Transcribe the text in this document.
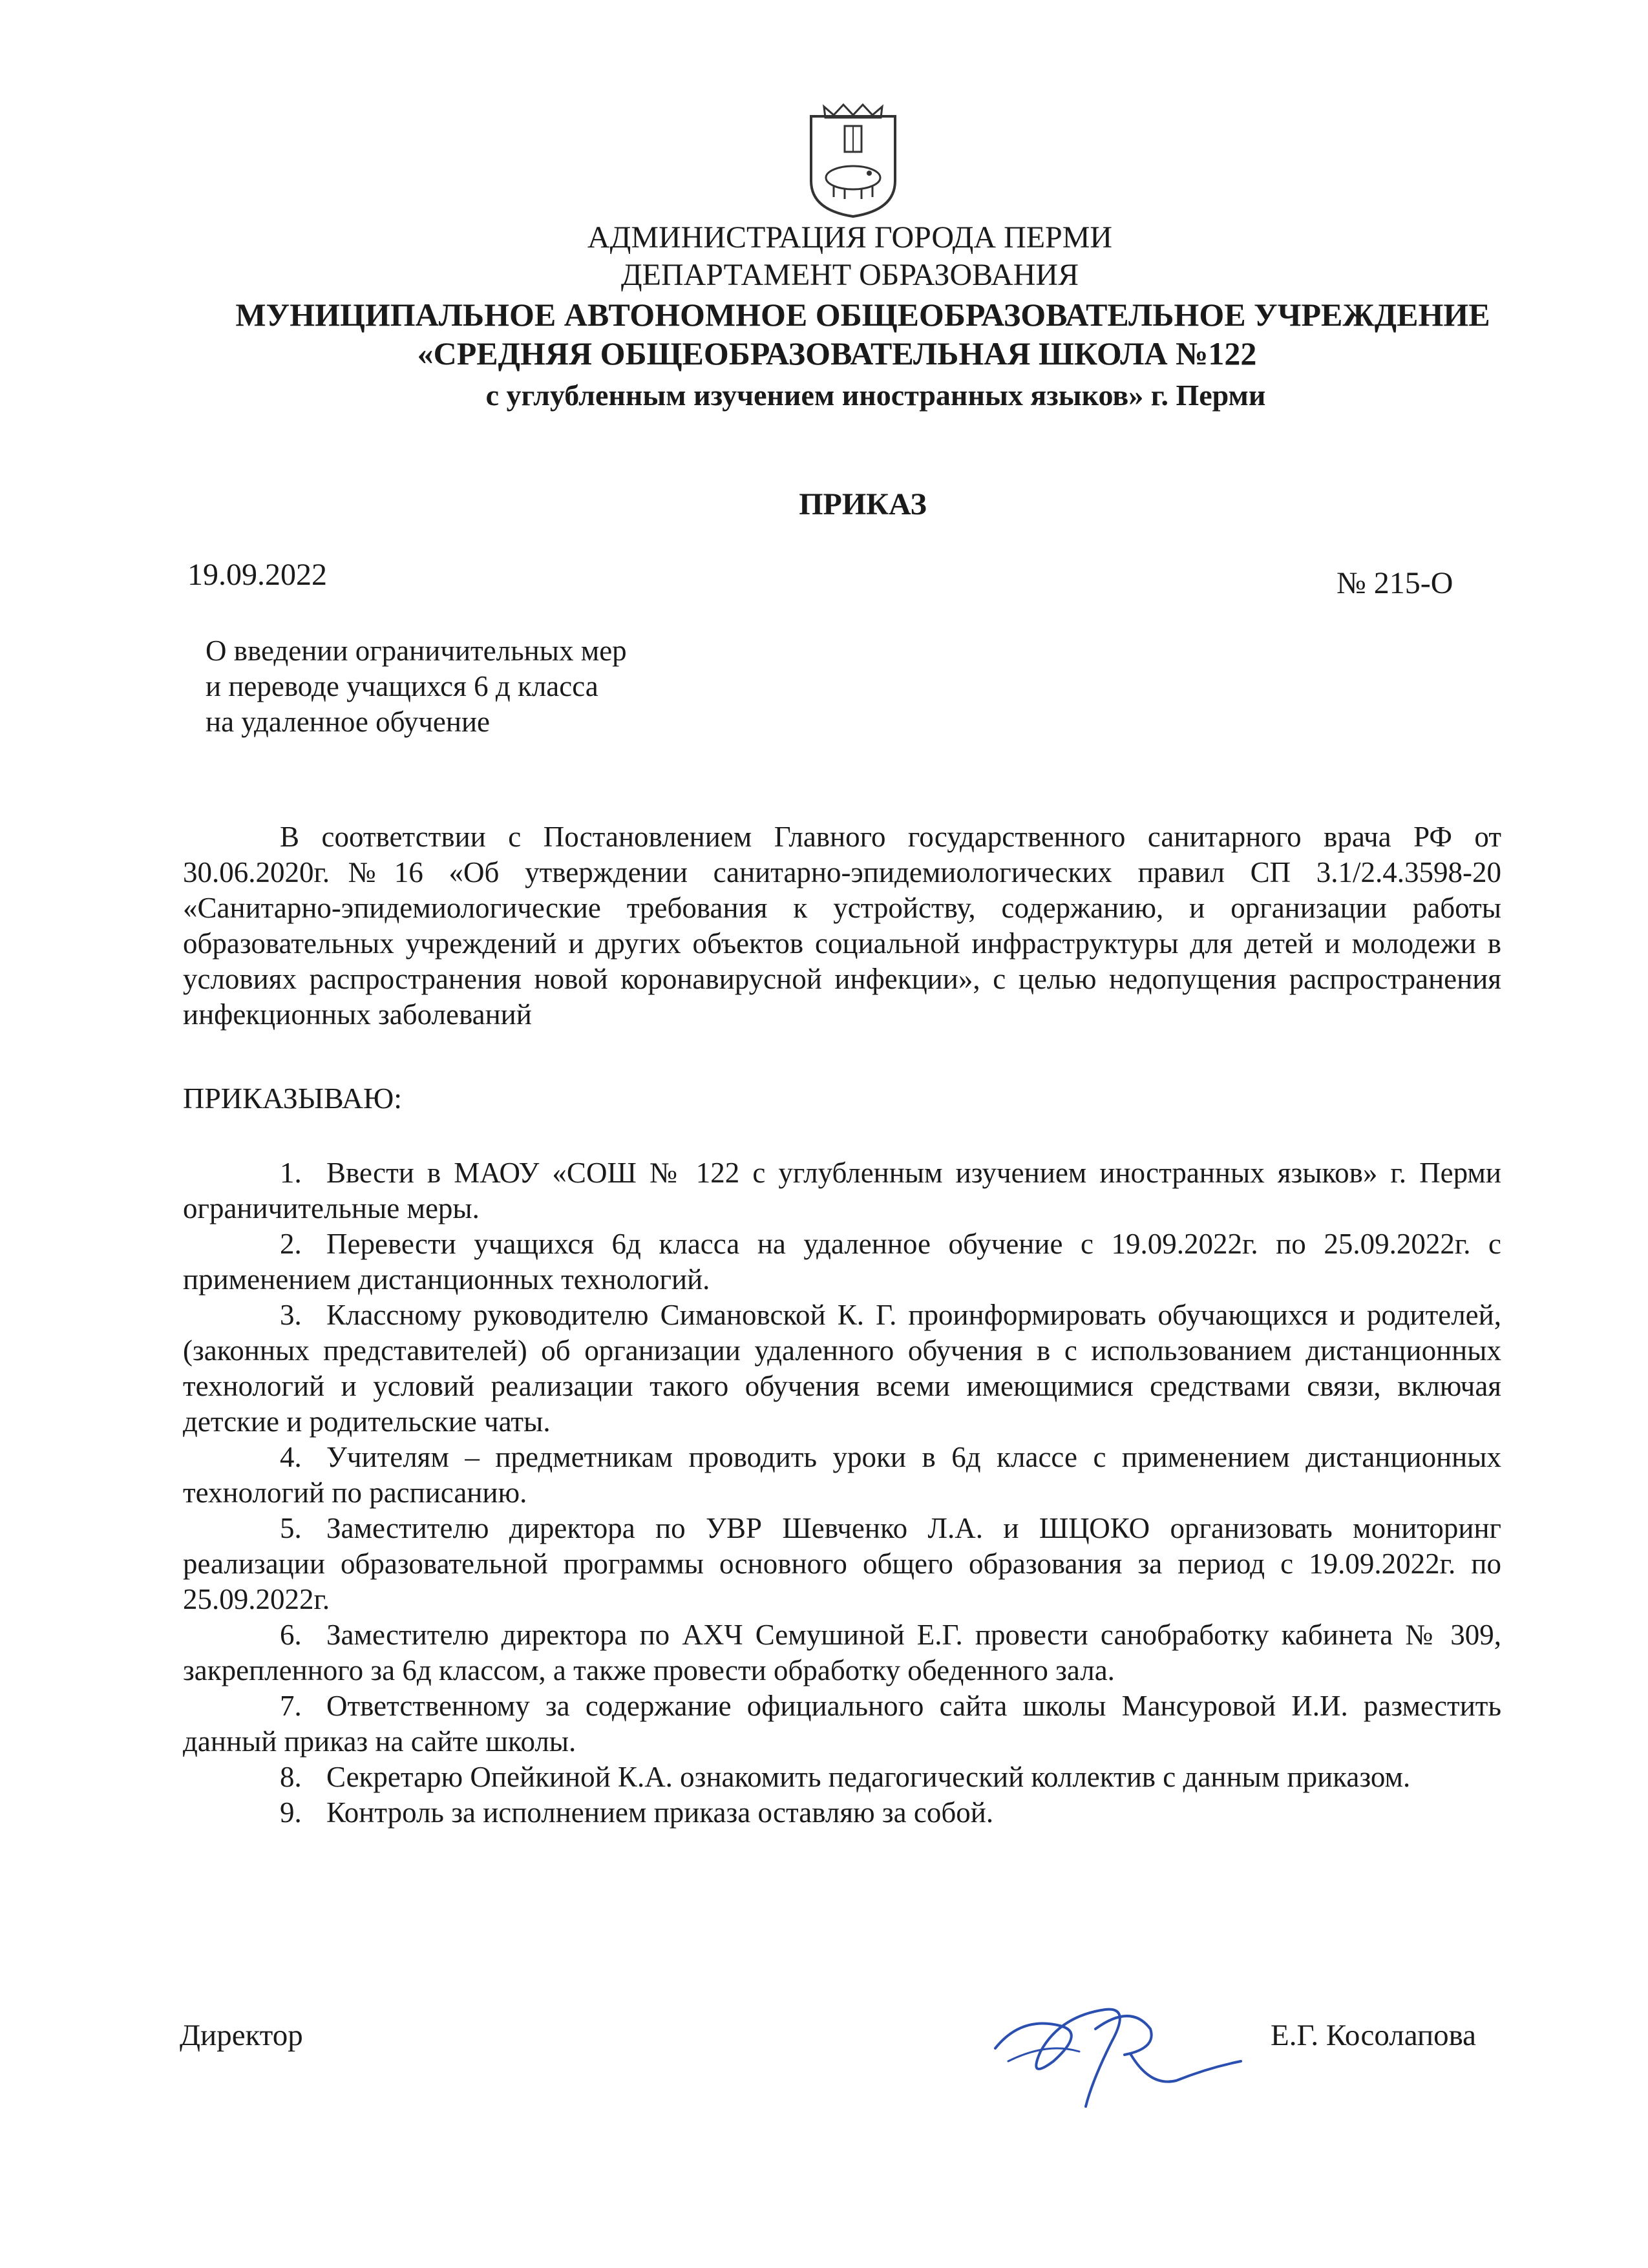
АДМИНИСТРАЦИЯ ГОРОДА ПЕРМИ
ДЕПАРТАМЕНТ ОБРАЗОВАНИЯ
МУНИЦИПАЛЬНОЕ АВТОНОМНОЕ ОБЩЕОБРАЗОВАТЕЛЬНОЕ УЧРЕЖДЕНИЕ
«СРЕДНЯЯ ОБЩЕОБРАЗОВАТЕЛЬНАЯ ШКОЛА №122
с углубленным изучением иностранных языков» г. Перми
ПРИКАЗ
19.09.2022	№ 215-О
О введении ограничительных мер
и переводе учащихся 6 д класса
на удаленное обучение
В соответствии с Постановлением Главного государственного санитарного врача РФ от 30.06.2020г.№16 «Об утверждении санитарно-эпидемиологических правил СП 3.1/2.4.3598-20 «Санитарно-эпидемиологические требования к устройству, содержанию, и организации работы образовательных учреждений и других объектов социальной инфраструктуры для детей и молодежи в условиях распространения новой коронавирусной инфекции», с целью недопущения распространения инфекционных заболеваний
ПРИКАЗЫВАЮ:

1. Ввести в МАОУ «СОШ № 122 с углубленным изучением иностранных языков» г. Перми ограничительные меры.

2. Перевести учащихся 6д класса на удаленное обучение с 19.09.2022г. по 25.09.2022г. с применением дистанционных технологий.

3. Классному руководителю Симановской К. Г. проинформировать обучающихся и родителей, (законных представителей) об организации удаленного обучения в с использованием дистанционных технологий и условий реализации такого обучения всеми имеющимися средствами связи, включая детские и родительские чаты.

4. Учителям – предметникам проводить уроки в 6д классе с применением дистанционных технологий по расписанию.

5. Заместителю директора по УВР Шевченко Л.А. и ШЦОКО организовать мониторинг реализации образовательной программы основного общего образования за период с 19.09.2022г. по 25.09.2022г.

6. Заместителю директора по АХЧ Семушиной Е.Г. провести санобработку кабинета № 309, закрепленного за 6д классом, а также провести обработку обеденного зала.

7. Ответственному за содержание официального сайта школы Мансуровой И.И. разместить данный приказ на сайте школы.

8. Секретарю Опейкиной К.А. ознакомить педагогический коллектив с данным приказом.

9. Контроль за исполнением приказа оставляю за собой.

Директор	Е.Г. Косолапова
